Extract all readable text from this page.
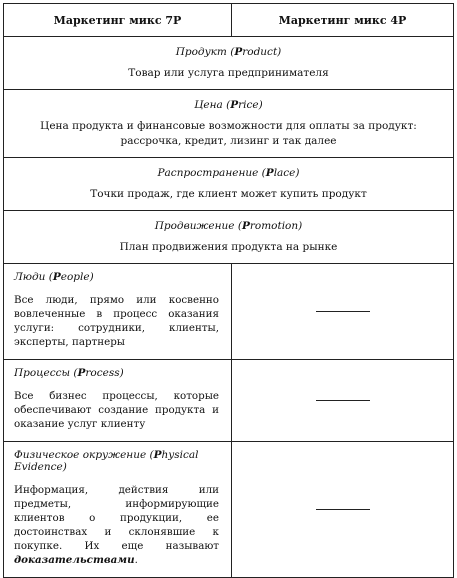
Маркетинг микс 7Р	Маркетинг микс 4Р

Продукт (Product)
Товар или услуга предпринимателя	

Цена (Price)
Цена продукта и финансовые возможности для оплаты за продукт: рассрочка, кредит, лизинг и так далее	

Распространение (Place)
Точки продаж, где клиент может купить продукт	

Продвижение (Promotion)
План продвижения продукта на рынке	

Люди (People)
Все люди, прямо или косвенно вовлеченные в процесс оказания услуги: сотрудники, клиенты, эксперты, партнеры	

Процессы (Process)
Все бизнес процессы, которые обеспечивают создание продукта и оказание услуг клиенту	

Физическое окружение (Physical Evidence)
Информация, действия или предметы, информирующие клиентов о продукции, ее достоинствах и склонявшие к покупке. Их еще называют доказательствами.	
